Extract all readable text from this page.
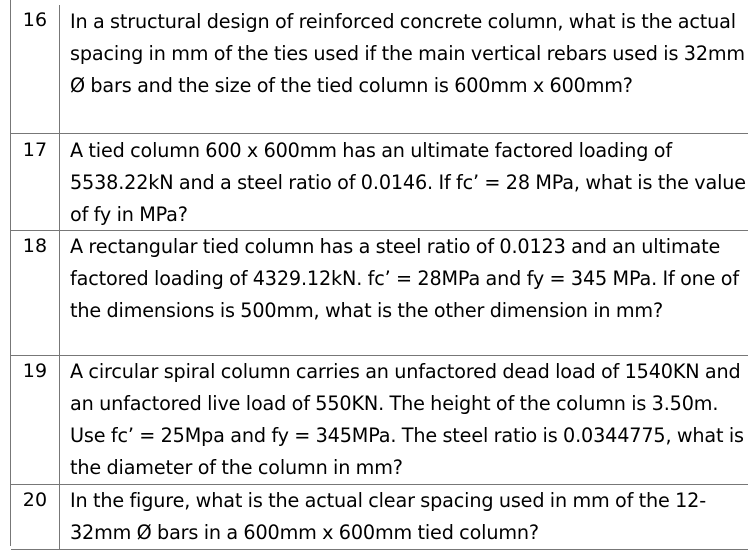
16	In a structural design of reinforced concrete column, what is the actual spacing in mm of the ties used if the main vertical rebars used is 32mm Ø bars and the size of the tied column is 600mm x 600mm?
17	A tied column 600 x 600mm has an ultimate factored loading of 5538.22kN and a steel ratio of 0.0146. If fc’ = 28 MPa, what is the value of fy in MPa?
18	A rectangular tied column has a steel ratio of 0.0123 and an ultimate factored loading of 4329.12kN. fc’ = 28MPa and fy = 345 MPa. If one of the dimensions is 500mm, what is the other dimension in mm?
19	A circular spiral column carries an unfactored dead load of 1540KN and an unfactored live load of 550KN. The height of the column is 3.50m. Use fc’ = 25Mpa and fy = 345MPa. The steel ratio is 0.0344775, what is the diameter of the column in mm?
20	In the figure, what is the actual clear spacing used in mm of the 12-32mm Ø bars in a 600mm x 600mm tied column?
